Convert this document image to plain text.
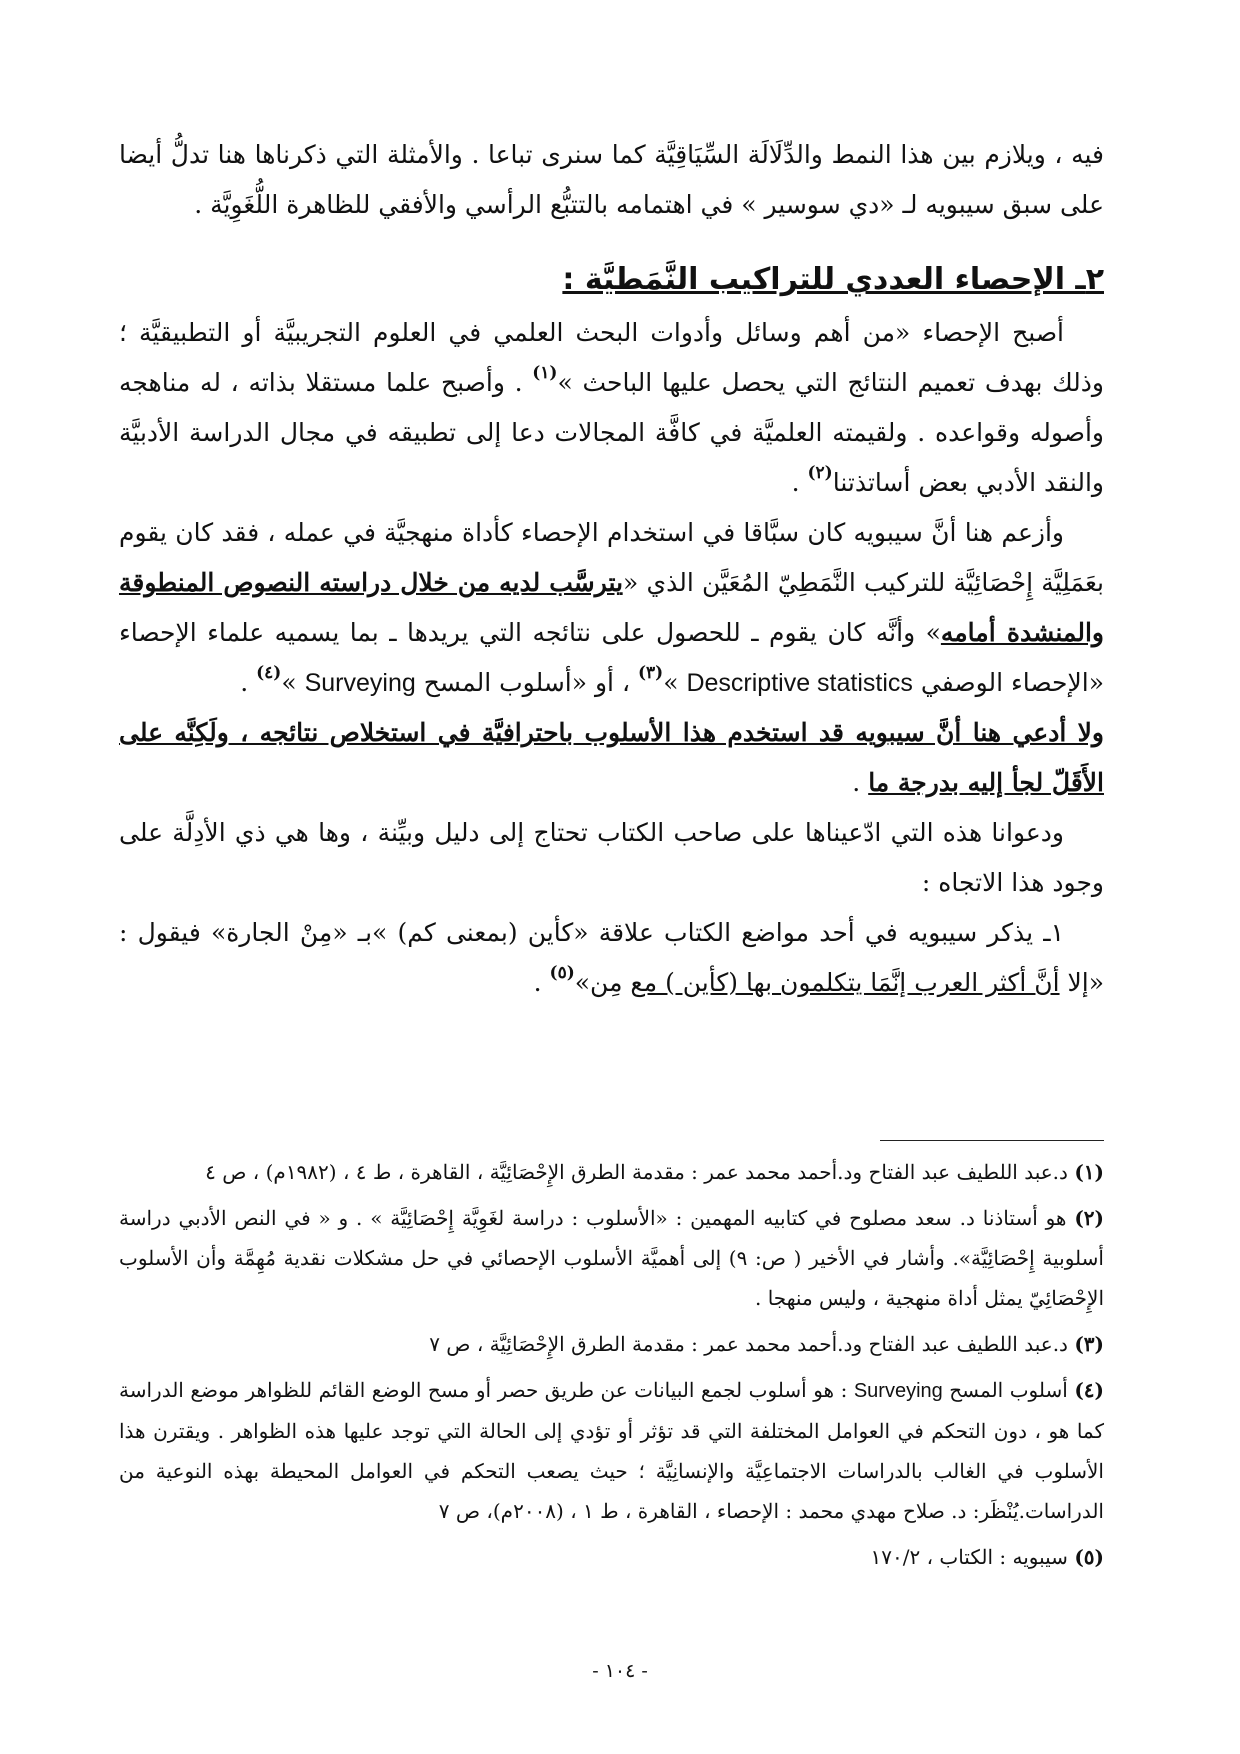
فيه ، ويلازم بين هذا النمط والدِّلَالَة السِّيَاقِيَّة كما سنرى تباعا . والأمثلة التي ذكرناها هنا تدلُّ أيضا على سبق سيبويه لـ «دي سوسير » في اهتمامه بالتتبُّع الرأسي والأفقي للظاهرة اللُّغَوِيَّة .

٢ـ الإحصاء العددي للتراكيب النَّمَطيَّة :

أصبح الإحصاء «من أهم وسائل وأدوات البحث العلمي في العلوم التجريبيَّة أو التطبيقيَّة ؛ وذلك بهدف تعميم النتائج التي يحصل عليها الباحث »$^{(١)}$ . وأصبح علما مستقلا بذاته ، له مناهجه وأصوله وقواعده . ولقيمته العلميَّة في كافَّة المجالات دعا إلى تطبيقه في مجال الدراسة الأدبيَّة والنقد الأدبي بعض أساتذتنا$^{(٢)}$ .

وأزعم هنا أنَّ سيبويه كان سبَّاقا في استخدام الإحصاء كأداة منهجيَّة في عمله ، فقد كان يقوم بعَمَلِيَّة إِحْصَائِيَّة للتركيب النَّمَطِيّ المُعَيَّن الذي «يترسَّب لديه من خلال دراسته النصوص المنطوقة والمنشدة أمامه» وأنَّه كان يقوم ـ للحصول على نتائجه التي يريدها ـ بما يسميه علماء الإحصاء «الإحصاء الوصفي Descriptive statistics »$^{(٣)}$ ، أو «أسلوب المسح Surveying »$^{(٤)}$ .

ولا أدعي هنا أنَّ سيبويه قد استخدم هذا الأسلوب باحترافيَّة في استخلاص نتائجه ، ولَكِنَّه على الأَقَلّ لجأ إليه بدرجة ما .

ودعوانا هذه التي ادّعيناها على صاحب الكتاب تحتاج إلى دليل وبيِّنة ، وها هي ذي الأدِلَّة على وجود هذا الاتجاه :

١ـ يذكر سيبويه في أحد مواضع الكتاب علاقة «كأين (بمعنى كم) »بـ «مِنْ الجارة» فيقول : «إلا أنَّ أكثر العرب إنَّمَا يتكلمون بها (كأين ) مع مِن»$^{(٥)}$ .

(١) د.عبد اللطيف عبد الفتاح ود.أحمد محمد عمر : مقدمة الطرق الإِحْصَائِيَّة ، القاهرة ، ط ٤ ، (١٩٨٢م) ، ص ٤

(٢) هو أستاذنا د. سعد مصلوح في كتابيه المهمين : «الأسلوب : دراسة لغَوِيَّة إِحْصَائِيَّة » . و « في النص الأدبي دراسة أسلوبية إِحْصَائِيَّة». وأشار في الأخير ( ص: ٩) إلى أهميَّة الأسلوب الإحصائي في حل مشكلات نقدية مُهِمَّة وأن الأسلوب الإِحْصَائِيّ يمثل أداة منهجية ، وليس منهجا .

(٣) د.عبد اللطيف عبد الفتاح ود.أحمد محمد عمر : مقدمة الطرق الإِحْصَائِيَّة ، ص ٧

(٤) أسلوب المسح Surveying : هو أسلوب لجمع البيانات عن طريق حصر أو مسح الوضع القائم للظواهر موضع الدراسة كما هو ، دون التحكم في العوامل المختلفة التي قد تؤثر أو تؤدي إلى الحالة التي توجد عليها هذه الظواهر . ويقترن هذا الأسلوب في الغالب بالدراسات الاجتماعِيَّة والإنسانِيَّة ؛ حيث يصعب التحكم في العوامل المحيطة بهذه النوعية من الدراسات.يُنْظَر: د. صلاح مهدي محمد : الإحصاء ، القاهرة ، ط ١ ، (٢٠٠٨م)، ص ٧

(٥) سيبويه : الكتاب ، ١٧٠/٢

- ١٠٤ -
